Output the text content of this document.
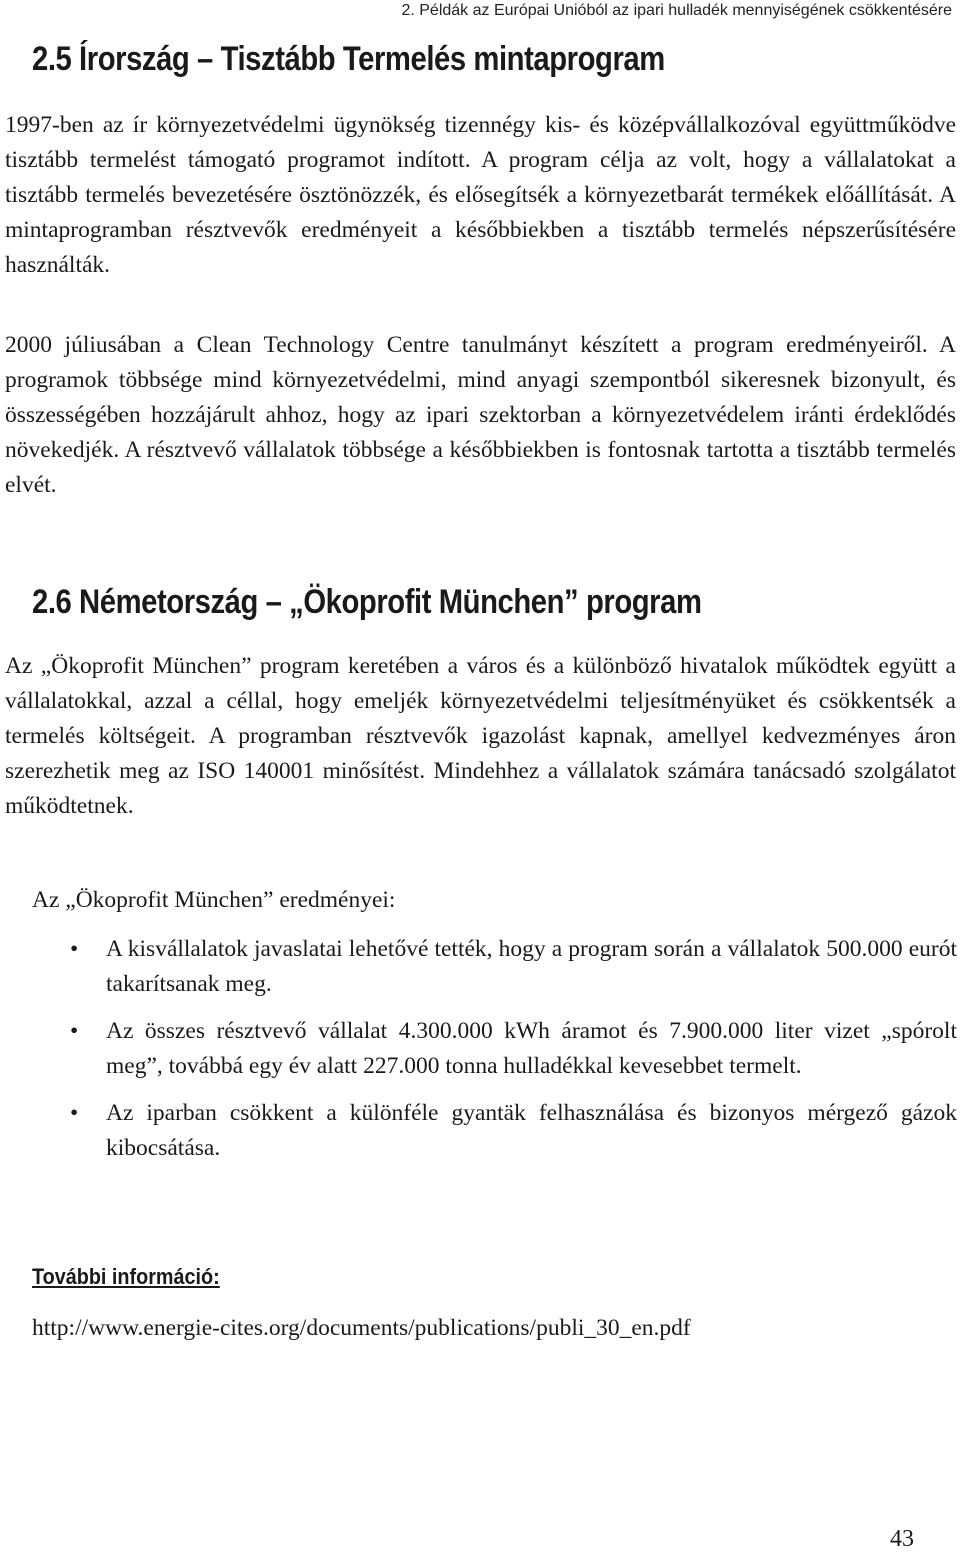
2. Példák az Európai Unióból az ipari hulladék mennyiségének csökkentésére
2.5 Írország – Tisztább Termelés mintaprogram

1997-ben az ír környezetvédelmi ügynökség tizennégy kis- és középvállalkozóval együttműködve tisztább termelést támogató programot indított. A program célja az volt, hogy a vállalatokat a tisztább termelés bevezetésére ösztönözzék, és elősegítsék a környezetbarát termékek előállítását. A mintaprogramban résztvevők eredményeit a későbbiekben a tisztább termelés népszerűsítésére használták.

2000 júliusában a Clean Technology Centre tanulmányt készített a program eredményeiről. A programok többsége mind környezetvédelmi, mind anyagi szempontból sikeresnek bizonyult, és összességében hozzájárult ahhoz, hogy az ipari szektorban a környezetvédelem iránti érdeklődés növekedjék. A résztvevő vállalatok többsége a későbbiekben is fontosnak tartotta a tisztább termelés elvét.

2.6 Németország – „Ökoprofit München” program

Az „Ökoprofit München” program keretében a város és a különböző hivatalok működtek együtt a vállalatokkal, azzal a céllal, hogy emeljék környezetvédelmi teljesítményüket és csökkentsék a termelés költségeit. A programban résztvevők igazolást kapnak, amellyel kedvezményes áron szerezhetik meg az ISO 140001 minősítést. Mindehhez a vállalatok számára tanácsadó szolgálatot működtetnek.

Az „Ökoprofit München” eredményei:

• A kisvállalatok javaslatai lehetővé tették, hogy a program során a vállalatok 500.000 eurót takarítsanak meg.
• Az összes résztvevő vállalat 4.300.000 kWh áramot és 7.900.000 liter vizet „spórolt meg”, továbbá egy év alatt 227.000 tonna hulladékkal kevesebbet termelt.
• Az iparban csökkent a különféle gyantäk felhasználása és bizonyos mérgező gázok kibocsátása.

További információ:

http://www.energie-cites.org/documents/publications/publi_30_en.pdf
43
